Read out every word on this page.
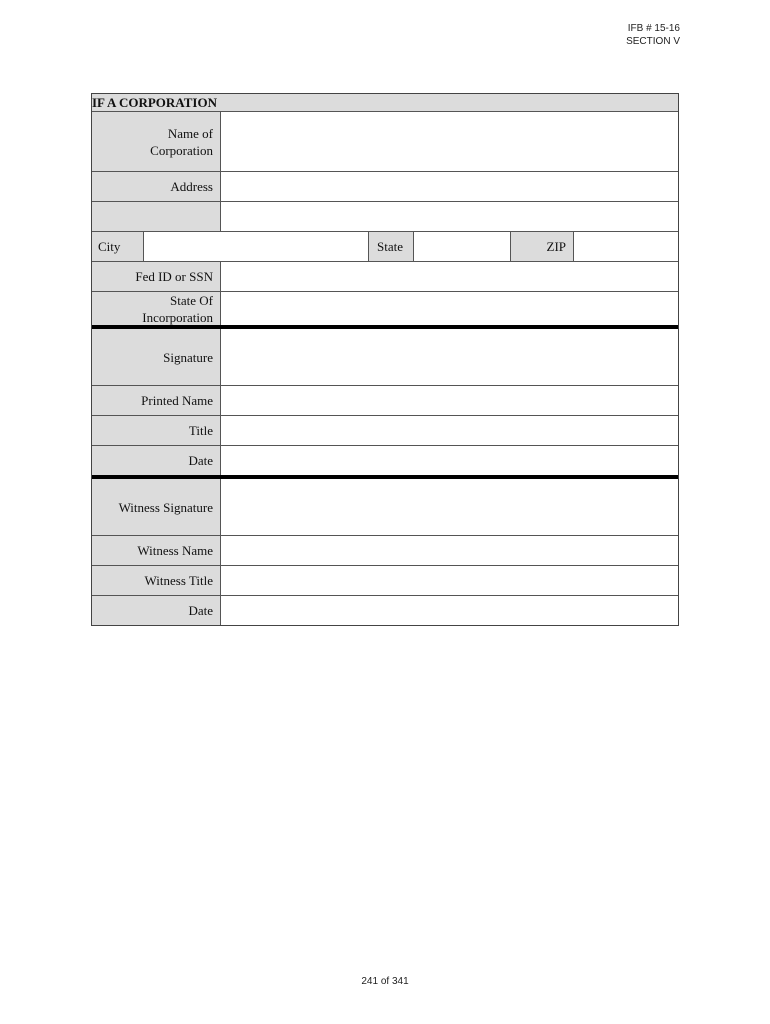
IFB # 15-16
SECTION V
IF A CORPORATION
Name of
Corporation
Address
City	State	ZIP
Fed ID or SSN
State Of
Incorporation
Signature
Printed Name
Title
Date
Witness Signature
Witness Name
Witness Title
Date
241 of 341
